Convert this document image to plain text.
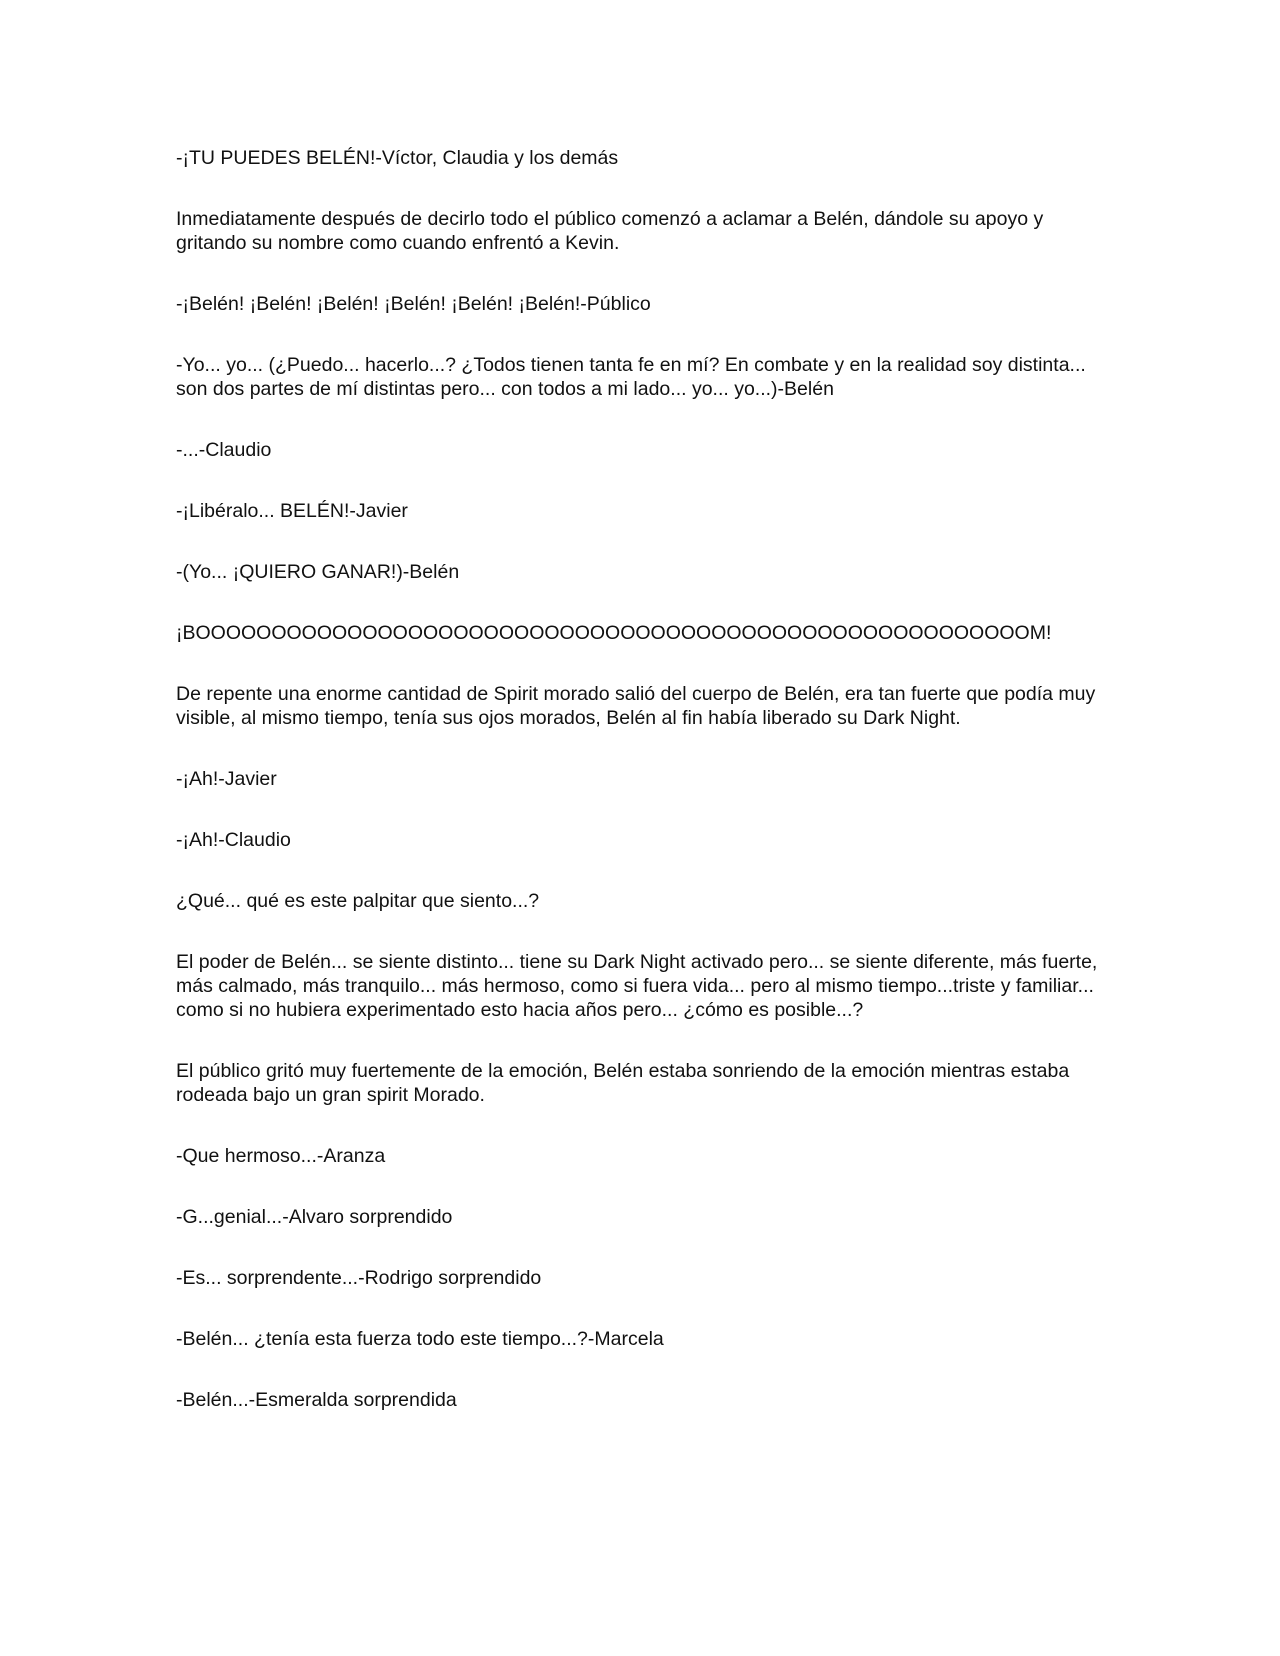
-¡TU PUEDES BELÉN!-Víctor, Claudia y los demás

Inmediatamente después de decirlo todo el público comenzó a aclamar a Belén, dándole su apoyo y gritando su nombre como cuando enfrentó a Kevin.

-¡Belén! ¡Belén! ¡Belén! ¡Belén! ¡Belén! ¡Belén!-Público

-Yo... yo... (¿Puedo... hacerlo...? ¿Todos tienen tanta fe en mí? En combate y en la realidad soy distinta... son dos partes de mí distintas pero... con todos a mi lado... yo... yo...)-Belén

-...-Claudio

-¡Libéralo... BELÉN!-Javier

-(Yo... ¡QUIERO GANAR!)-Belén

¡BOOOOOOOOOOOOOOOOOOOOOOOOOOOOOOOOOOOOOOOOOOOOOOOOOOOOOOOM!

De repente una enorme cantidad de Spirit morado salió del cuerpo de Belén, era tan fuerte que podía muy visible, al mismo tiempo, tenía sus ojos morados, Belén al fin había liberado su Dark Night.

-¡Ah!-Javier

-¡Ah!-Claudio

¿Qué... qué es este palpitar que siento...?

El poder de Belén... se siente distinto... tiene su Dark Night activado pero... se siente diferente, más fuerte, más calmado, más tranquilo... más hermoso, como si fuera vida... pero al mismo tiempo...triste y familiar... como si no hubiera experimentado esto hacia años pero... ¿cómo es posible...?

El público gritó muy fuertemente de la emoción, Belén estaba sonriendo de la emoción mientras estaba rodeada bajo un gran spirit Morado.

-Que hermoso...-Aranza

-G...genial...-Alvaro sorprendido

-Es... sorprendente...-Rodrigo sorprendido

-Belén... ¿tenía esta fuerza todo este tiempo...?-Marcela

-Belén...-Esmeralda sorprendida
